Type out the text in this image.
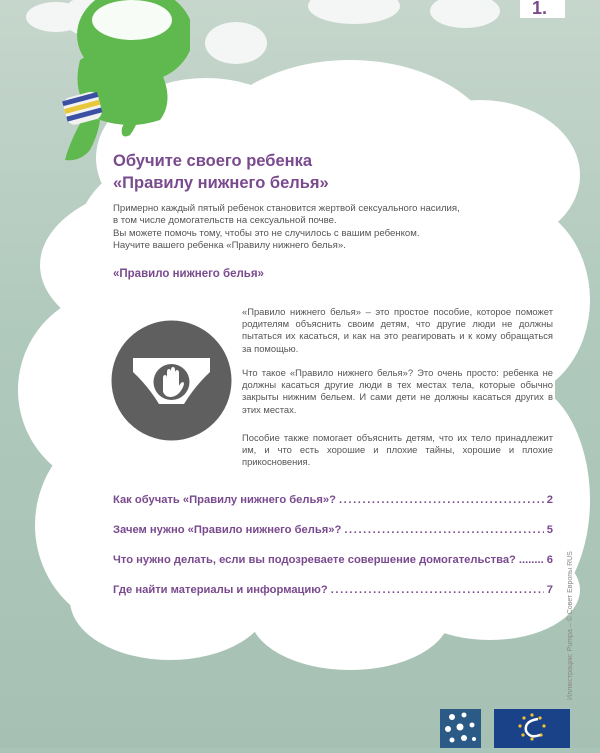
1.
Обучите своего ребенка
«Правилу нижнего белья»
Примерно каждый пятый ребенок становится жертвой сексуального насилия,
в том числе домогательств на сексуальной почве.
Вы можете помочь тому, чтобы это не случилось с вашим ребенком.
Научите вашего ребенка «Правилу нижнего белья».
«Правило нижнего белья»
«Правило нижнего белья» – это простое пособие, которое поможет родителям объяснить своим детям, что другие люди не должны пытаться их касаться, и как на это реагировать и к кому обращаться за помощью.
Что такое «Правило нижнего белья»? Это очень просто: ребенка не должны касаться другие люди в тех местах тела, которые обычно закрыты нижним бельем. И сами дети не должны касаться других в этих местах.
Пособие также помогает объяснить детям, что их тело принадлежит им, и что есть хорошие и плохие тайны, хорошие и плохие прикосновения.
Как обучать «Правилу нижнего белья»? .....	2
Зачем нужно «Правило нижнего белья»? .....	5
Что нужно делать, если вы подозреваете совершение домогательства? .....	6
Где найти материалы и информацию? .....	7 Иллюстрации: Pumpa – © Совет Европы RUS
